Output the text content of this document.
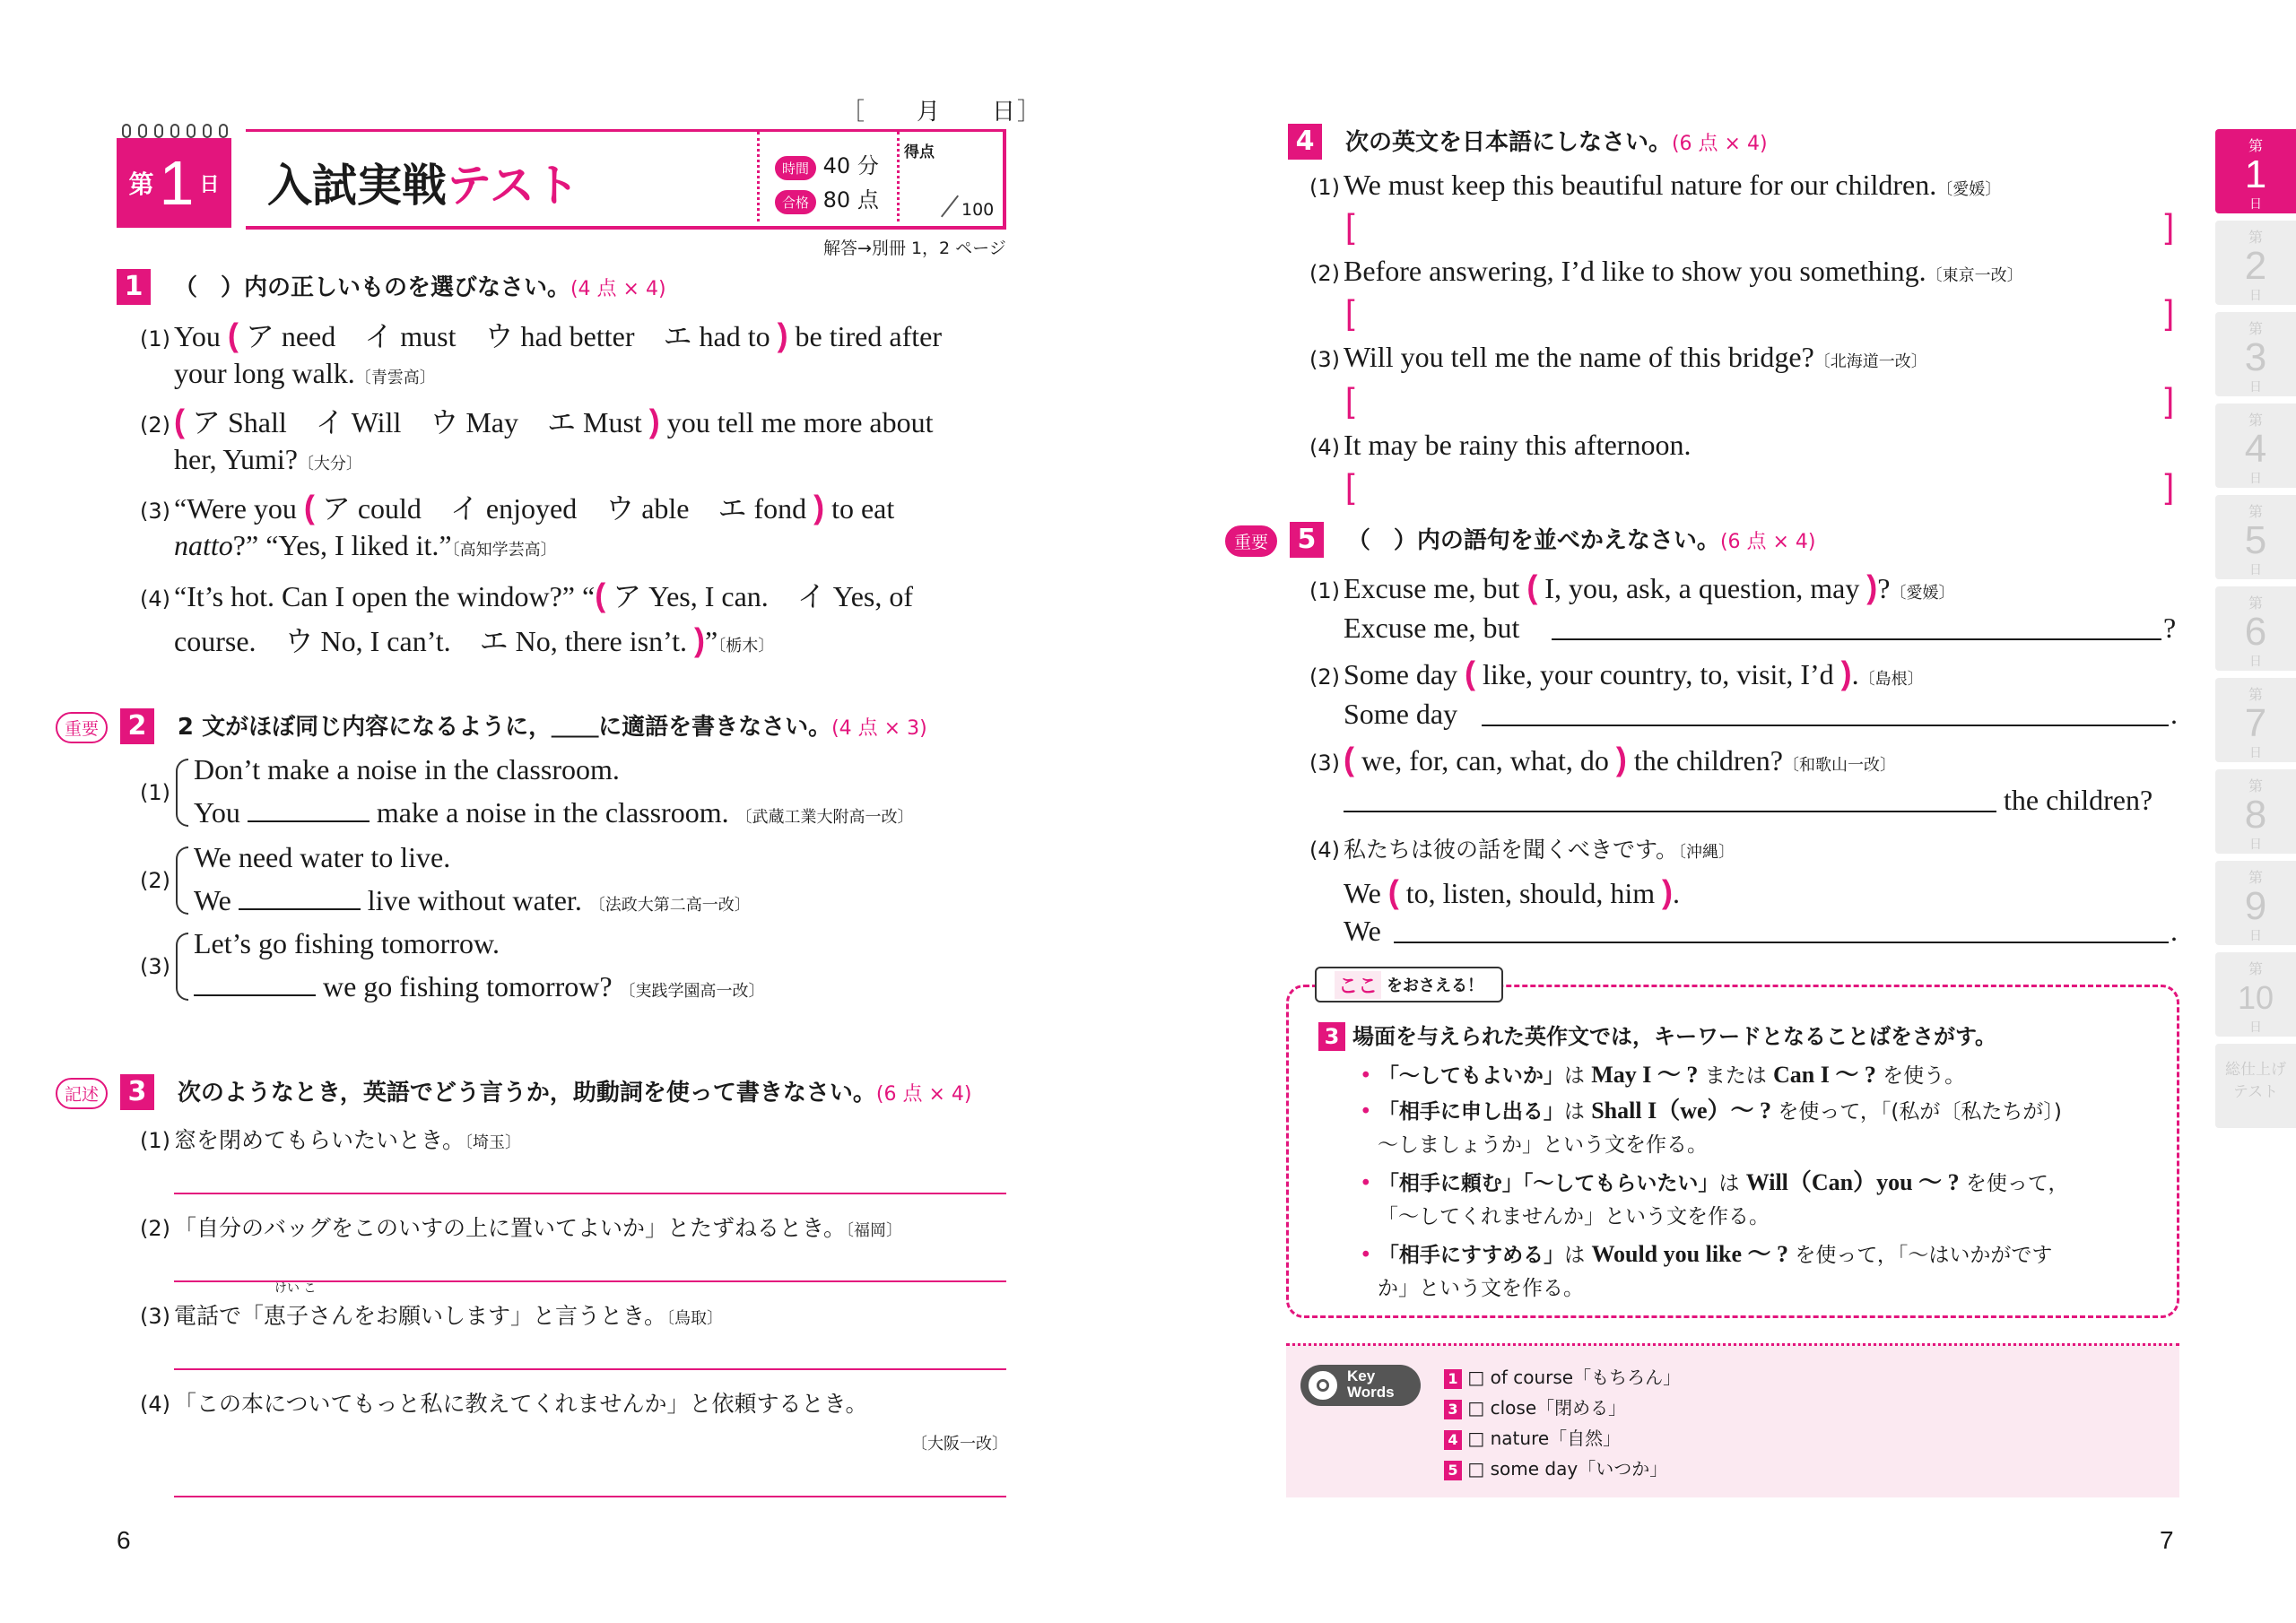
［　　月　　日］
第 1 日 入試実戦テスト	時間 40 分
合格 80 点
得点
100
解答→別冊 1，2 ページ
1 （　）内の正しいものを選びなさい。(4 点 × 4)
(1) You ( ア need　イ must　ウ had better　エ had to ) be tired after
your long walk.〔青雲高〕
(2) ( ア Shall　イ Will　ウ May　エ Must ) you tell me more about
her, Yumi?〔大分〕
(3) “Were you ( ア could　イ enjoyed　ウ able　エ fond ) to eat
natto?” “Yes, I liked it.”〔高知学芸高〕
(4) “It’s hot. Can I open the window?” “( ア Yes, I can.　イ Yes, of
course.　ウ No, I can’t.　エ No, there isn’t. )”〔栃木〕
重要 2 2 文がほぼ同じ内容になるように，＿＿に適語を書きなさい。(4 点 × 3)
(1)
Don’t make a noise in the classroom.
You	make a noise in the classroom. 〔武蔵工業大附高一改〕
(2)
We need water to live.
We	live without water. 〔法政大第二高一改〕
(3)
Let’s go fishing tomorrow.
we go fishing tomorrow? 〔実践学園高一改〕
記述 3 次のようなとき，英語でどう言うか，助動詞を使って書きなさい。(6 点 × 4)
(1) 窓を閉めてもらいたいとき。〔埼玉〕
(2) 「自分のバッグをこのいすの上に置いてよいか」とたずねるとき。〔福岡〕
けい こ
(3) 電話で「恵子さんをお願いします」と言うとき。〔鳥取〕
(4) 「この本についてもっと私に教えてくれませんか」と依頼するとき。
〔大阪一改〕
6
4 次の英文を日本語にしなさい。(6 点 × 4)
(1) We must keep this beautiful nature for our children.〔愛媛〕
[	]
(2) Before answering, I’d like to show you something.〔東京一改〕
[	]
(3) Will you tell me the name of this bridge?〔北海道一改〕
[	]
(4) It may be rainy this afternoon.
[	]
重要 5 （　）内の語句を並べかえなさい。(6 点 × 4)
(1) Excuse me, but ( I, you, ask, a question, may )?〔愛媛〕
Excuse me, but	?
(2) Some day ( like, your country, to, visit, I’d ).〔島根〕
Some day	.
(3) ( we, for, can, what, do ) the children?〔和歌山一改〕
the children?
(4) 私たちは彼の話を聞くべきです。〔沖縄〕
We ( to, listen, should, him ).
We	.
ここ をおさえる！
3 場面を与えられた英作文では，キーワードとなることばをさがす。
• 「〜してもよいか」は May I 〜 ? または Can I 〜 ? を使う。
• 「相手に申し出る」は Shall I（we）〜 ? を使って，「(私が〔私たちが〕)
〜しましょうか」という文を作る。
• 「相手に頼む」「〜してもらいたい」は Will（Can）you 〜 ? を使って，
「〜してくれませんか」という文を作る。
• 「相手にすすめる」は Would you like 〜 ? を使って，「〜はいかがです
か」という文を作る。
Key
Words
1 □ of course「もちろん」
3 □ close「閉める」
4 □ nature「自然」
5 □ some day「いつか」
7
第
1
日
第
2
日
第
3
日
第
4
日
第
5
日
第
6
日
第
7
日
第
8
日
第
9
日
第
10
日
総仕上げ
テスト
